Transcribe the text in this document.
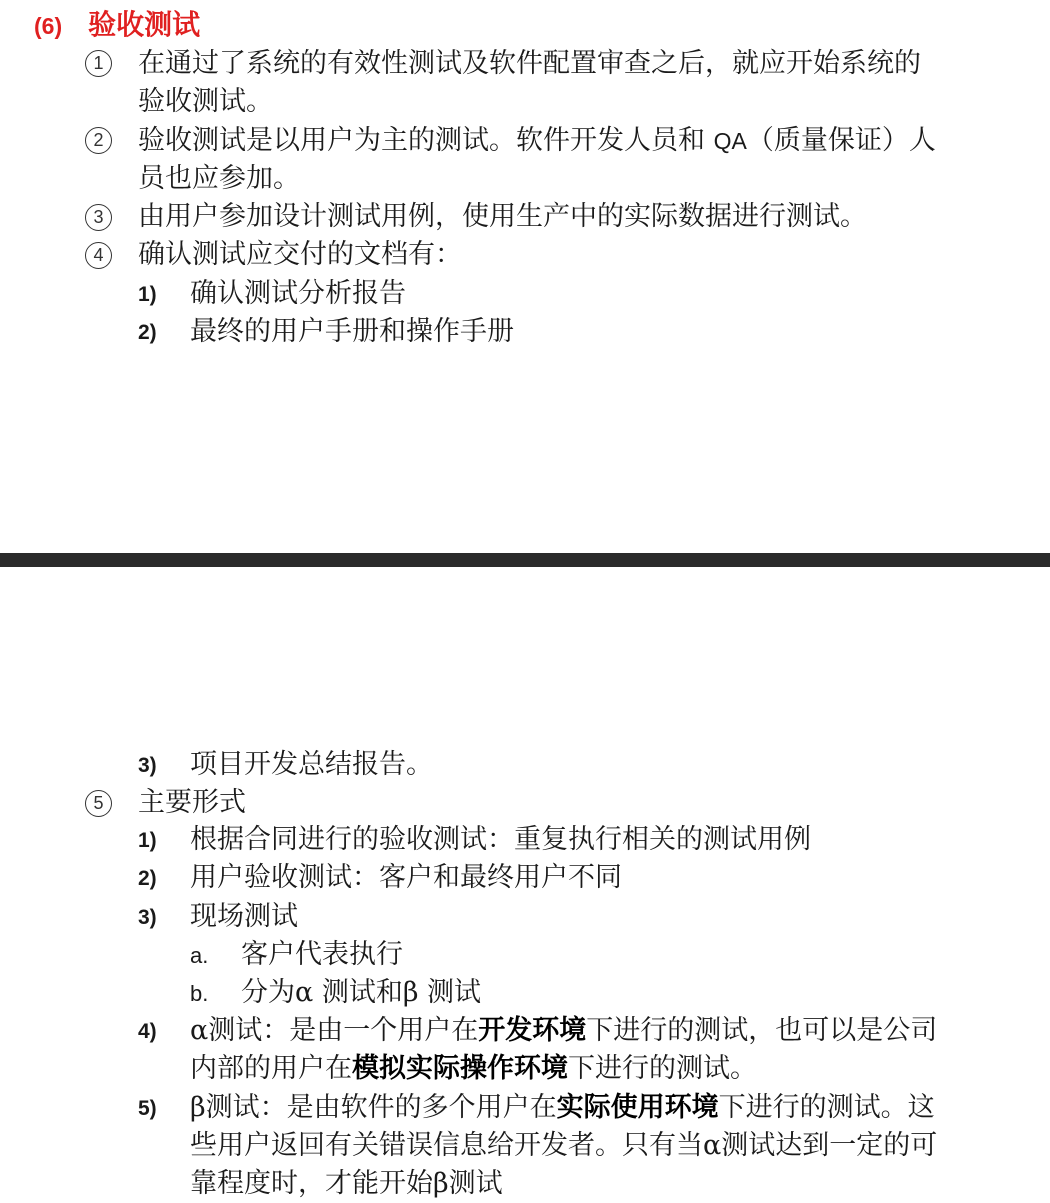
(6) 验收测试
1	在通过了系统的有效性测试及软件配置审查之后，就应开始系统的
验收测试。
2	验收测试是以用户为主的测试。软件开发人员和 QA（质量保证）人
员也应参加。
3	由用户参加设计测试用例，使用生产中的实际数据进行测试。
4	确认测试应交付的文档有：
1) 确认测试分析报告
2) 最终的用户手册和操作手册
3) 项目开发总结报告。
5	主要形式
1) 根据合同进行的验收测试：重复执行相关的测试用例
2) 用户验收测试：客户和最终用户不同
3) 现场测试
a. 客户代表执行
b. 分为α 测试和β 测试
4) α测试：是由一个用户在开发环境下进行的测试，也可以是公司
内部的用户在模拟实际操作环境下进行的测试。
5) β测试：是由软件的多个用户在实际使用环境下进行的测试。这
些用户返回有关错误信息给开发者。只有当α测试达到一定的可
靠程度时，才能开始β测试
